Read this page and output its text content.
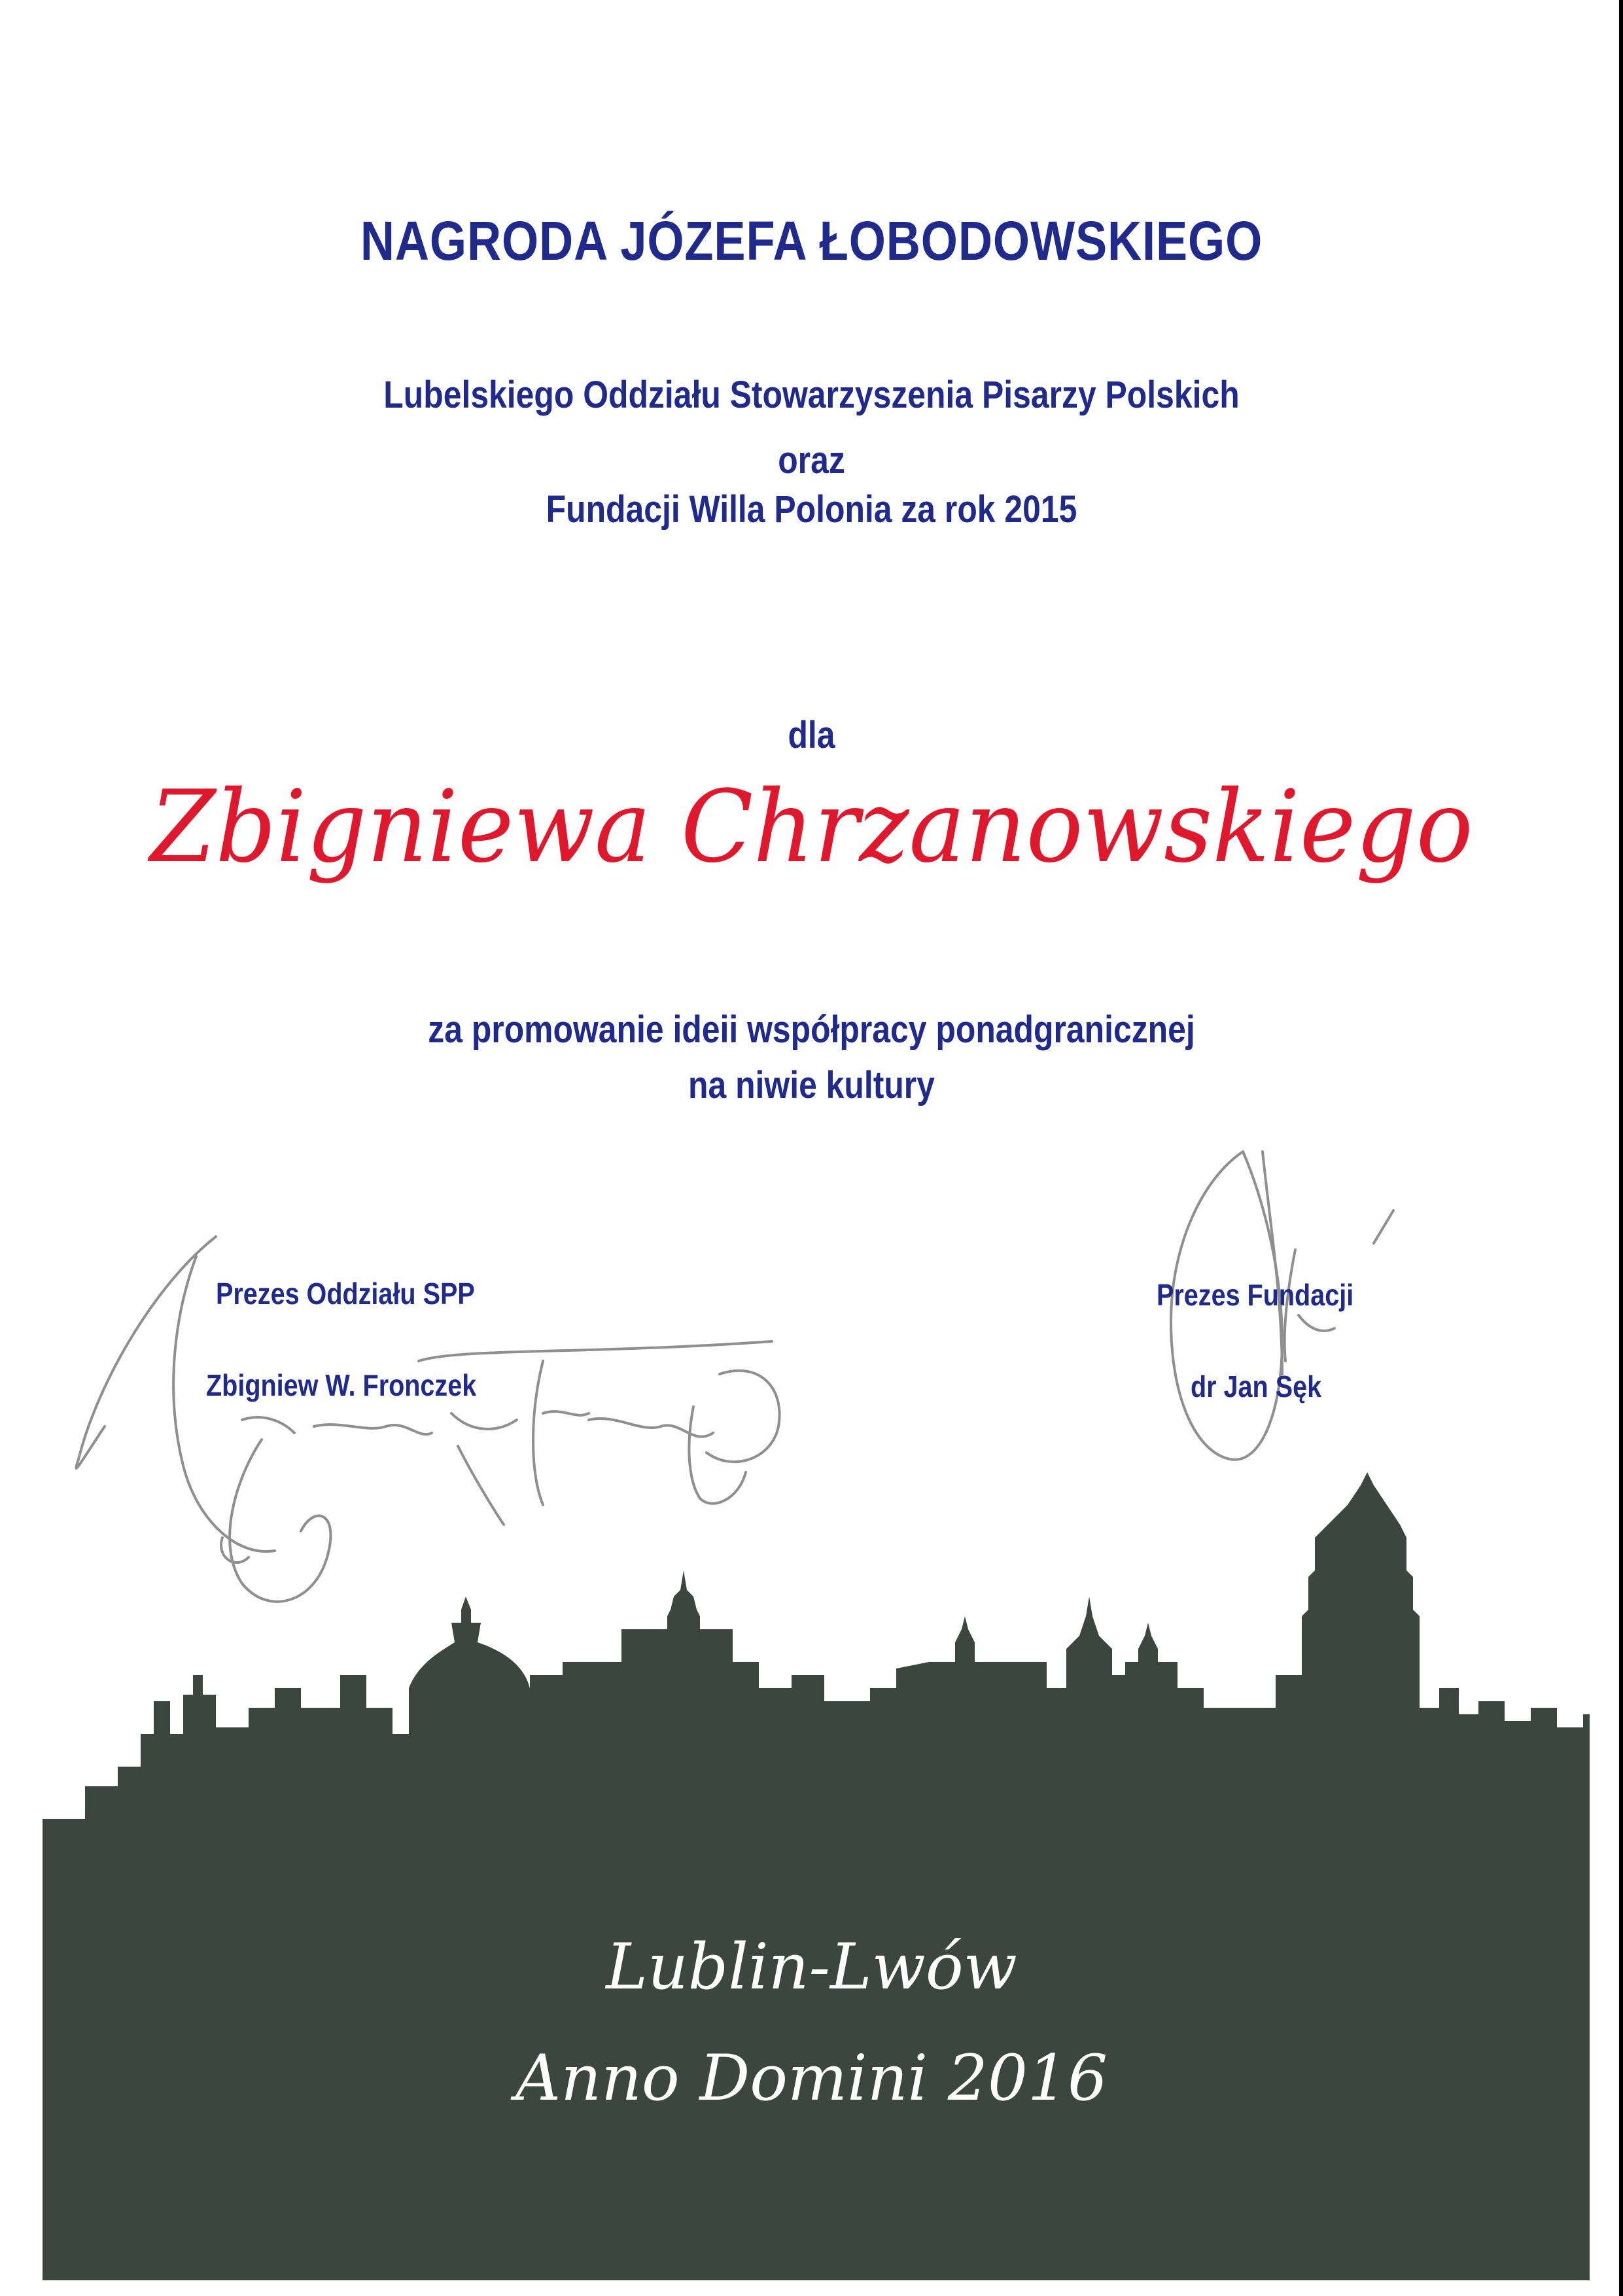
NAGRODA JÓZEFA ŁOBODOWSKIEGO
Lubelskiego Oddziału Stowarzyszenia Pisarzy Polskich
oraz
Fundacji Willa Polonia za rok 2015
dla
Zbigniewa Chrzanowskiego
za promowanie ideii współpracy ponadgranicznej
na niwie kultury
Prezes Oddziału SPP
Zbigniew W. Fronczek
Prezes Fundacji
dr Jan Sęk
Lublin-Lwów
Anno Domini 2016
